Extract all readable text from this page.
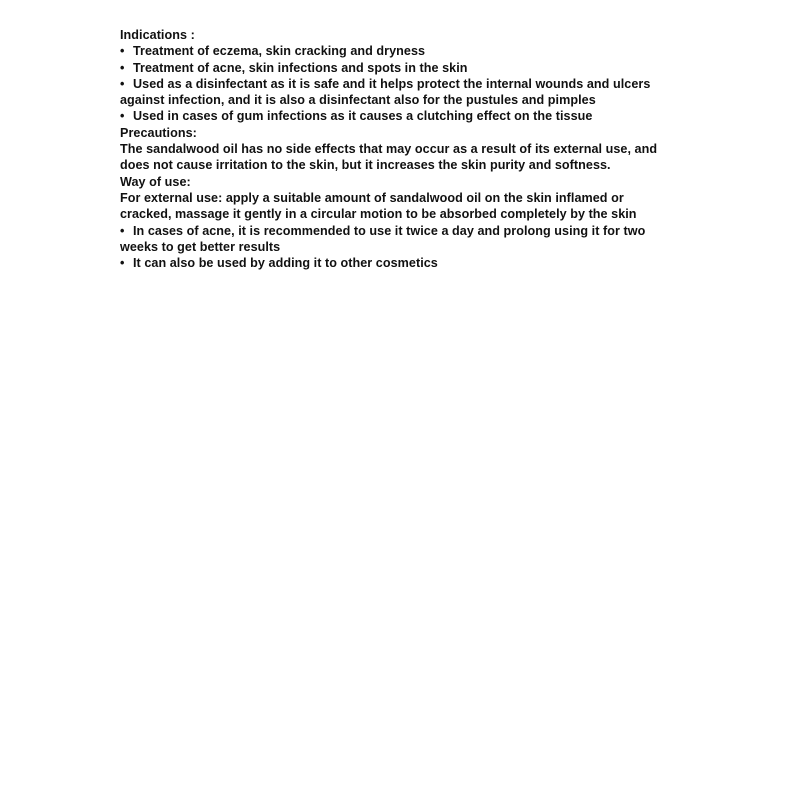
Indications :
• Treatment of eczema, skin cracking and dryness
• Treatment of acne, skin infections and spots in the skin
• Used as a disinfectant as it is safe and it helps protect the internal wounds and ulcers against infection, and it is also a disinfectant also for the pustules and pimples
• Used in cases of gum infections as it causes a clutching effect on the tissue
Precautions:
The sandalwood oil has no side effects that may occur as a result of its external use, and does not cause irritation to the skin, but it increases the skin purity and softness.
Way of use:
For external use: apply a suitable amount of sandalwood oil on the skin inflamed or cracked, massage it gently in a circular motion to be absorbed completely by the skin
• In cases of acne, it is recommended to use it twice a day and prolong using it for two weeks to get better results
• It can also be used by adding it to other cosmetics
